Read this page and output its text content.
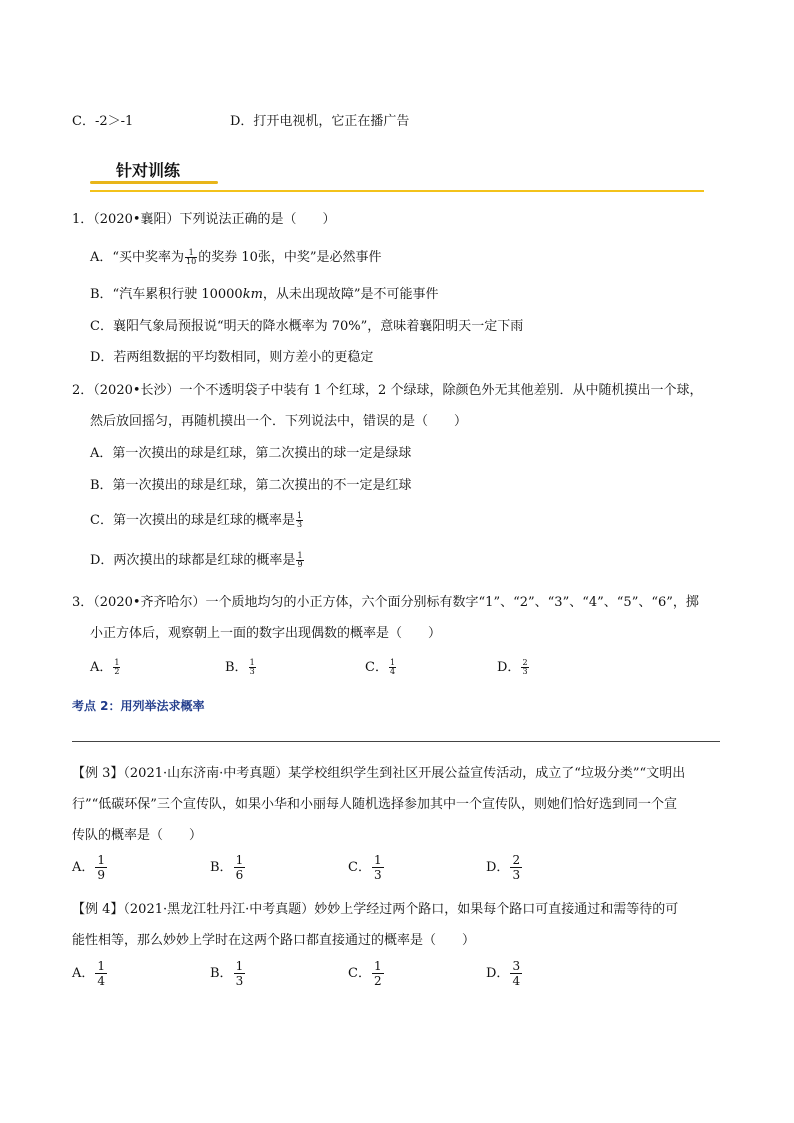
C．-2＞-1	D．打开电视机，它正在播广告
针对训练
1．（2020•襄阳）下列说法正确的是（　　）
A．“买中奖率为 $\frac{1}{10}$ 的奖券 10张，中奖”是必然事件
B．“汽车累积行驶 10000km，从未出现故障”是不可能事件
C．襄阳气象局预报说“明天的降水概率为 70%”，意味着襄阳明天一定下雨
D．若两组数据的平均数相同，则方差小的更稳定
2．（2020•长沙）一个不透明袋子中装有 1 个红球，2 个绿球，除颜色外无其他差别．从中随机摸出一个球，
然后放回摇匀，再随机摸出一个．下列说法中，错误的是（　　）
A．第一次摸出的球是红球，第二次摸出的球一定是绿球
B．第一次摸出的球是红球，第二次摸出的不一定是红球
C．第一次摸出的球是红球的概率是 $\frac{1}{3}$
D．两次摸出的球都是红球的概率是 $\frac{1}{9}$
3．（2020•齐齐哈尔）一个质地均匀的小正方体，六个面分别标有数字“1”、“2”、“3”、“4”、“5”、“6”，掷
小正方体后，观察朝上一面的数字出现偶数的概率是（　　）
A． $\frac{1}{2}$	B． $\frac{1}{3}$	C． $\frac{1}{4}$	D． $\frac{2}{3}$
考点 2：用列举法求概率
【例 3】（2021·山东济南·中考真题）某学校组织学生到社区开展公益宣传活动，成立了“垃圾分类”“文明出
行”“低碳环保”三个宣传队，如果小华和小丽每人随机选择参加其中一个宣传队，则她们恰好选到同一个宣
传队的概率是（　　）
A． $\frac{1}{9}$	B． $\frac{1}{6}$	C． $\frac{1}{3}$	D． $\frac{2}{3}$
【例 4】（2021·黑龙江牡丹江·中考真题）妙妙上学经过两个路口，如果每个路口可直接通过和需等待的可
能性相等，那么妙妙上学时在这两个路口都直接通过的概率是（　　）
A． $\frac{1}{4}$	B． $\frac{1}{3}$	C． $\frac{1}{2}$	D． $\frac{3}{4}$
